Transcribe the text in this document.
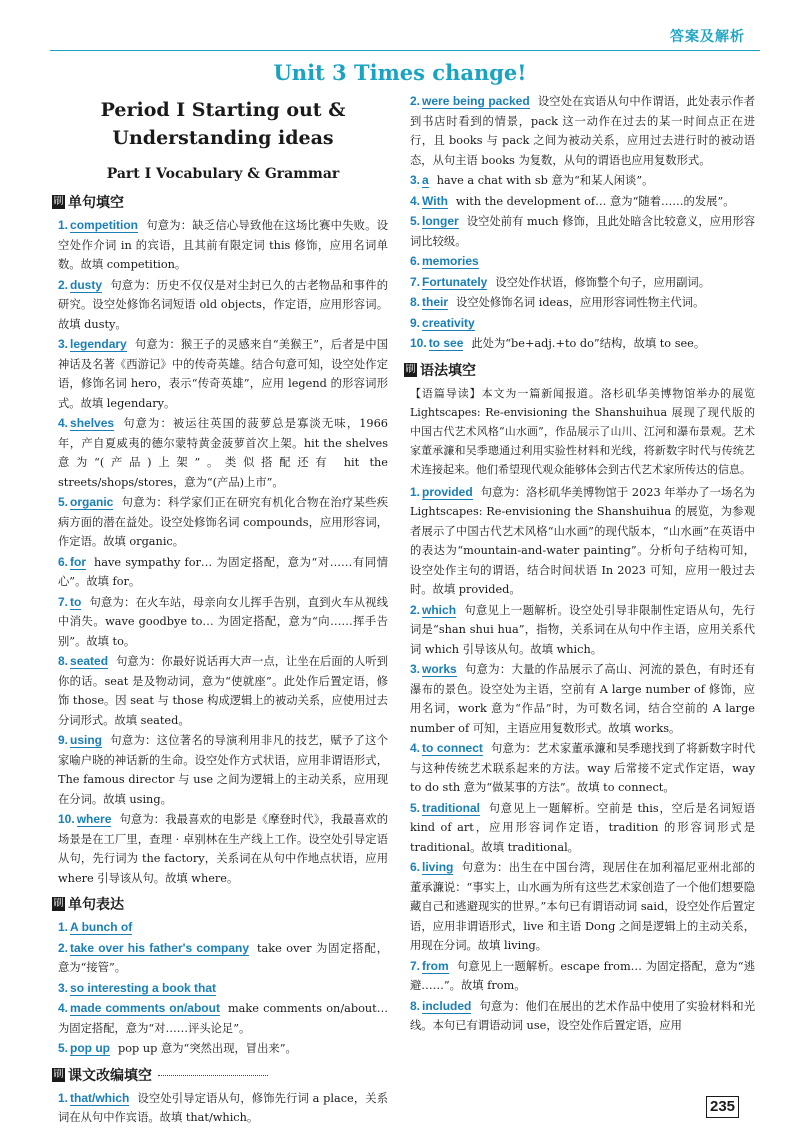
答案及解析
Unit 3 Times change!
Period Ⅰ Starting out &
Understanding ideas
Part Ⅰ Vocabulary & Grammar
刷 单句填空
1. competition 句意为：缺乏信心导致他在这场比赛中失败。设空处作介词 in 的宾语，且其前有限定词 this 修饰，应用名词单数。故填 competition。
2. dusty 句意为：历史不仅仅是对尘封已久的古老物品和事件的研究。设空处修饰名词短语 old objects，作定语，应用形容词。故填 dusty。
3. legendary 句意为：猴王子的灵感来自“美猴王”，后者是中国神话及名著《西游记》中的传奇英雄。结合句意可知，设空处作定语，修饰名词 hero，表示“传奇英雄”，应用 legend 的形容词形式。故填 legendary。
4. shelves 句意为：被运往英国的菠萝总是寡淡无味，1966 年，产自夏威夷的德尔蒙特黄金菠萝首次上架。hit the shelves 意为“(产品)上架”。类似搭配还有 hit the streets/shops/stores，意为“(产品)上市”。
5. organic 句意为：科学家们正在研究有机化合物在治疗某些疾病方面的潜在益处。设空处修饰名词 compounds，应用形容词，作定语。故填 organic。
6. for have sympathy for… 为固定搭配，意为“对……有同情心”。故填 for。
7. to 句意为：在火车站，母亲向女儿挥手告别，直到火车从视线中消失。wave goodbye to… 为固定搭配，意为“向……挥手告别”。故填 to。
8. seated 句意为：你最好说话再大声一点，让坐在后面的人听到你的话。seat 是及物动词，意为“使就座”。此处作后置定语，修饰 those。因 seat 与 those 构成逻辑上的被动关系，应使用过去分词形式。故填 seated。
9. using 句意为：这位著名的导演利用非凡的技艺，赋予了这个家喻户晓的神话新的生命。设空处作方式状语，应用非谓语形式，The famous director 与 use 之间为逻辑上的主动关系，应用现在分词。故填 using。
10. where 句意为：我最喜欢的电影是《摩登时代》，我最喜欢的场景是在工厂里，查理 · 卓别林在生产线上工作。设空处引导定语从句，先行词为 the factory，关系词在从句中作地点状语，应用 where 引导该从句。故填 where。
刷 单句表达
1. A bunch of
2. take over his father's company take over 为固定搭配，意为“接管”。
3. so interesting a book that
4. made comments on/about make comments on/about… 为固定搭配，意为“对……评头论足”。
5. pop up pop up 意为“突然出现，冒出来”。
刷 课文改编填空
1. that/which 设空处引导定语从句，修饰先行词 a place，关系词在从句中作宾语。故填 that/which。
2. were being packed 设空处在宾语从句中作谓语，此处表示作者到书店时看到的情景，pack 这一动作在过去的某一时间点正在进行，且 books 与 pack 之间为被动关系，应用过去进行时的被动语态，从句主语 books 为复数，从句的谓语也应用复数形式。
3. a have a chat with sb 意为“和某人闲谈”。
4. With with the development of… 意为“随着……的发展”。
5. longer 设空处前有 much 修饰，且此处暗含比较意义，应用形容词比较级。
6. memories
7. Fortunately 设空处作状语，修饰整个句子，应用副词。
8. their 设空处修饰名词 ideas，应用形容词性物主代词。
9. creativity
10. to see 此处为“be+adj.+to do”结构，故填 to see。
刷 语法填空
【语篇导读】本文为一篇新闻报道。洛杉矶华美博物馆举办的展览 Lightscapes: Re-envisioning the Shanshuihua 展现了现代版的中国古代艺术风格“山水画”，作品展示了山川、江河和瀑布景观。艺术家董承濂和吴季璁通过利用实验性材料和光线，将新数字时代与传统艺术连接起来。他们希望现代观众能够体会到古代艺术家所传达的信息。
1. provided 句意为：洛杉矶华美博物馆于 2023 年举办了一场名为 Lightscapes: Re-envisioning the Shanshuihua 的展览，为参观者展示了中国古代艺术风格“山水画”的现代版本，“山水画”在英语中的表达为“mountain-and-water painting”。分析句子结构可知，设空处作主句的谓语，结合时间状语 In 2023 可知，应用一般过去时。故填 provided。
2. which 句意见上一题解析。设空处引导非限制性定语从句，先行词是“shan shui hua”，指物，关系词在从句中作主语，应用关系代词 which 引导该从句。故填 which。
3. works 句意为：大量的作品展示了高山、河流的景色，有时还有瀑布的景色。设空处为主语，空前有 A large number of 修饰，应用名词，work 意为“作品”时，为可数名词，结合空前的 A large number of 可知，主语应用复数形式。故填 works。
4. to connect 句意为：艺术家董承濂和吴季璁找到了将新数字时代与这种传统艺术联系起来的方法。way 后常接不定式作定语，way to do sth 意为“做某事的方法”。故填 to connect。
5. traditional 句意见上一题解析。空前是 this，空后是名词短语 kind of art，应用形容词作定语，tradition 的形容词形式是 traditional。故填 traditional。
6. living 句意为：出生在中国台湾，现居住在加利福尼亚州北部的董承濂说：“事实上，山水画为所有这些艺术家创造了一个他们想要隐藏自己和逃避现实的世界。”本句已有谓语动词 said，设空处作后置定语，应用非谓语形式，live 和主语 Dong 之间是逻辑上的主动关系，用现在分词。故填 living。
7. from 句意见上一题解析。escape from… 为固定搭配，意为“逃避……”。故填 from。
8. included 句意为：他们在展出的艺术作品中使用了实验材料和光线。本句已有谓语动词 use，设空处作后置定语，应用
235
